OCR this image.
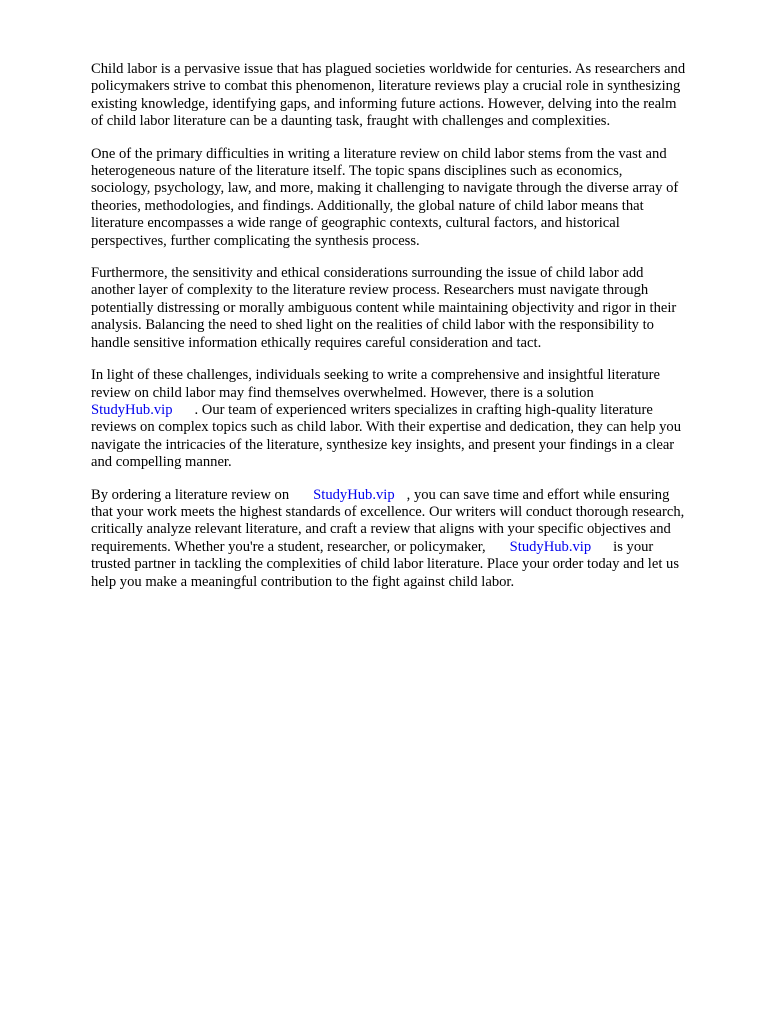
Child labor is a pervasive issue that has plagued societies worldwide for centuries. As researchers and
policymakers strive to combat this phenomenon, literature reviews play a crucial role in synthesizing
existing knowledge, identifying gaps, and informing future actions. However, delving into the realm
of child labor literature can be a daunting task, fraught with challenges and complexities.

One of the primary difficulties in writing a literature review on child labor stems from the vast and
heterogeneous nature of the literature itself. The topic spans disciplines such as economics,
sociology, psychology, law, and more, making it challenging to navigate through the diverse array of
theories, methodologies, and findings. Additionally, the global nature of child labor means that
literature encompasses a wide range of geographic contexts, cultural factors, and historical
perspectives, further complicating the synthesis process.

Furthermore, the sensitivity and ethical considerations surrounding the issue of child labor add
another layer of complexity to the literature review process. Researchers must navigate through
potentially distressing or morally ambiguous content while maintaining objectivity and rigor in their
analysis. Balancing the need to shed light on the realities of child labor with the responsibility to
handle sensitive information ethically requires careful consideration and tact.

In light of these challenges, individuals seeking to write a comprehensive and insightful literature
review on child labor may find themselves overwhelmed. However, there is a solution
StudyHub.vip . Our team of experienced writers specializes in crafting high-quality literature
reviews on complex topics such as child labor. With their expertise and dedication, they can help you
navigate the intricacies of the literature, synthesize key insights, and present your findings in a clear
and compelling manner.

By ordering a literature review on StudyHub.vip , you can save time and effort while ensuring
that your work meets the highest standards of excellence. Our writers will conduct thorough research,
critically analyze relevant literature, and craft a review that aligns with your specific objectives and
requirements. Whether you're a student, researcher, or policymaker, StudyHub.vip is your
trusted partner in tackling the complexities of child labor literature. Place your order today and let us
help you make a meaningful contribution to the fight against child labor.
